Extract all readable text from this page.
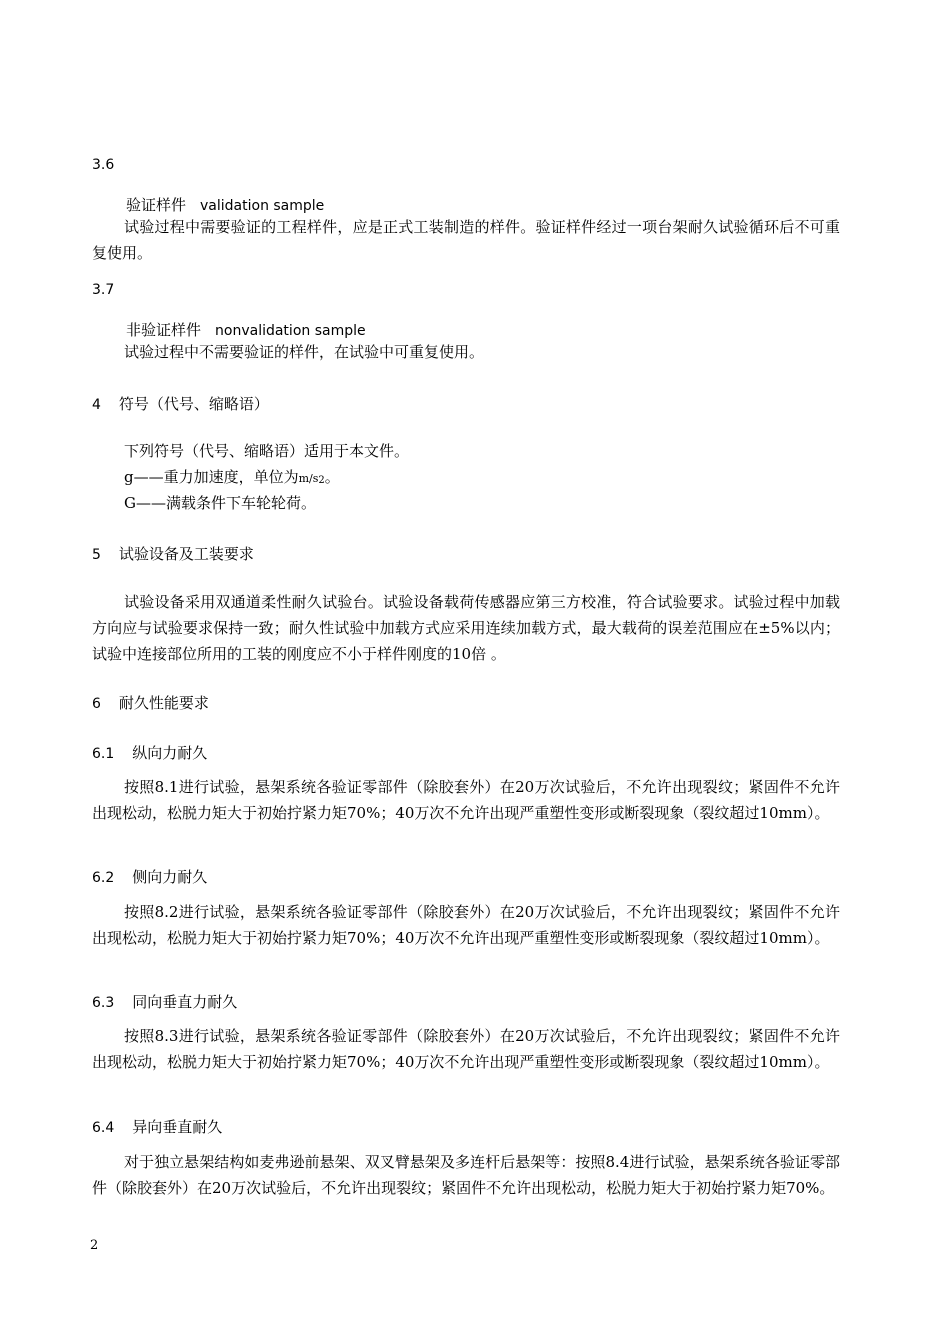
3.6
验证样件 validation sample
试验过程中需要验证的工程样件，应是正式工装制造的样件。验证样件经过一项台架耐久试验循环后不可重复使用。
3.7
非验证样件 nonvalidation sample
试验过程中不需要验证的样件，在试验中可重复使用。
4 符号（代号、缩略语）
下列符号（代号、缩略语）适用于本文件。
g——重力加速度，单位为m/s2。
G——满载条件下车轮轮荷。
5 试验设备及工装要求
试验设备采用双通道柔性耐久试验台。试验设备载荷传感器应第三方校准，符合试验要求。试验过程中加载方向应与试验要求保持一致；耐久性试验中加载方式应采用连续加载方式，最大载荷的误差范围应在±5%以内；试验中连接部位所用的工装的刚度应不小于样件刚度的10倍 。
6 耐久性能要求
6.1 纵向力耐久
按照8.1进行试验，悬架系统各验证零部件（除胶套外）在20万次试验后，不允许出现裂纹；紧固件不允许出现松动，松脱力矩大于初始拧紧力矩70%；40万次不允许出现严重塑性变形或断裂现象（裂纹超过10mm）。
6.2 侧向力耐久
按照8.2进行试验，悬架系统各验证零部件（除胶套外）在20万次试验后，不允许出现裂纹；紧固件不允许出现松动，松脱力矩大于初始拧紧力矩70%；40万次不允许出现严重塑性变形或断裂现象（裂纹超过10mm）。
6.3 同向垂直力耐久
按照8.3进行试验，悬架系统各验证零部件（除胶套外）在20万次试验后，不允许出现裂纹；紧固件不允许出现松动，松脱力矩大于初始拧紧力矩70%；40万次不允许出现严重塑性变形或断裂现象（裂纹超过10mm）。
6.4 异向垂直耐久
对于独立悬架结构如麦弗逊前悬架、双叉臂悬架及多连杆后悬架等：按照8.4进行试验，悬架系统各验证零部件（除胶套外）在20万次试验后，不允许出现裂纹；紧固件不允许出现松动，松脱力矩大于初始拧紧力矩70%。
2
